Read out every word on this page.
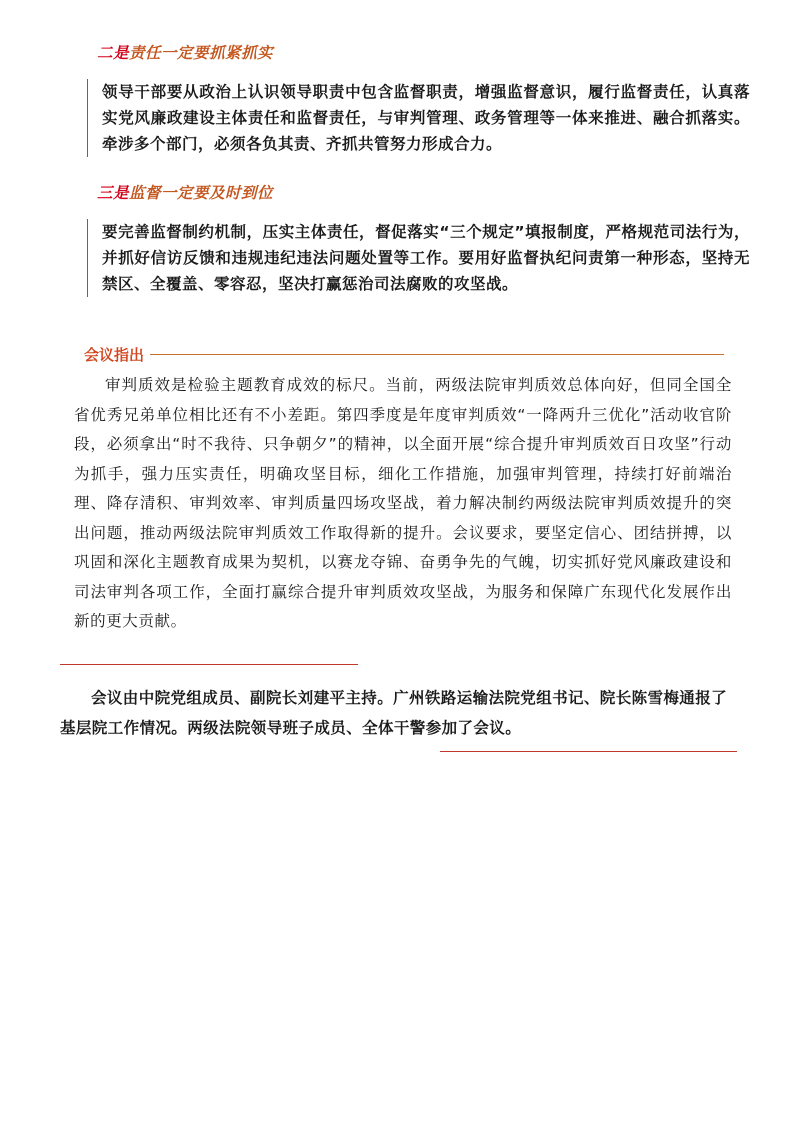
二是责任一定要抓紧抓实

领导干部要从政治上认识领导职责中包含监督职责，增强监督意识，履行监督责任，认真落实党风廉政建设主体责任和监督责任，与审判管理、政务管理等一体来推进、融合抓落实。牵涉多个部门，必须各负其责、齐抓共管努力形成合力。

三是监督一定要及时到位

要完善监督制约机制，压实主体责任，督促落实“三个规定”填报制度，严格规范司法行为，并抓好信访反馈和违规违纪违法问题处置等工作。要用好监督执纪问责第一种形态，坚持无禁区、全覆盖、零容忍，坚决打赢惩治司法腐败的攻坚战。

会议指出

审判质效是检验主题教育成效的标尺。当前，两级法院审判质效总体向好，但同全国全省优秀兄弟单位相比还有不小差距。第四季度是年度审判质效“一降两升三优化”活动收官阶段，必须拿出“时不我待、只争朝夕”的精神，以全面开展“综合提升审判质效百日攻坚”行动为抓手，强力压实责任，明确攻坚目标，细化工作措施，加强审判管理，持续打好前端治理、降存清积、审判效率、审判质量四场攻坚战，着力解决制约两级法院审判质效提升的突出问题，推动两级法院审判质效工作取得新的提升。会议要求，要坚定信心、团结拼搏，以巩固和深化主题教育成果为契机，以赛龙夺锦、奋勇争先的气魄，切实抓好党风廉政建设和司法审判各项工作，全面打赢综合提升审判质效攻坚战，为服务和保障广东现代化发展作出新的更大贡献。

会议由中院党组成员、副院长刘建平主持。广州铁路运输法院党组书记、院长陈雪梅通报了基层院工作情况。两级法院领导班子成员、全体干警参加了会议。
